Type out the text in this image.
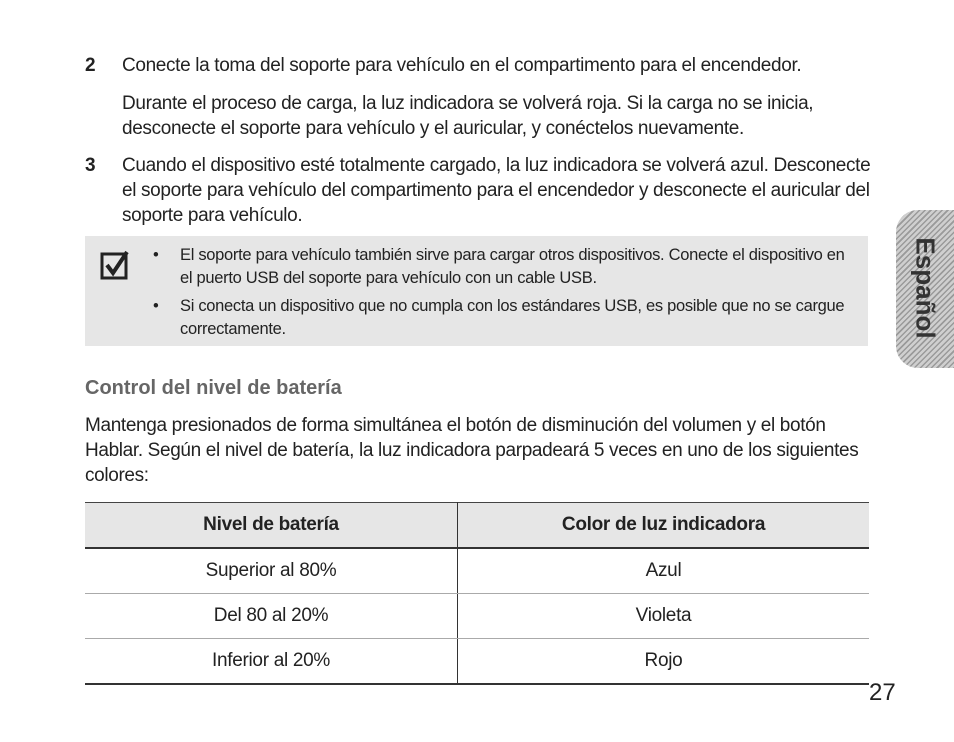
2 Conecte la toma del soporte para vehículo en el compartimento para el encendedor.

Durante el proceso de carga, la luz indicadora se volverá roja. Si la carga no se inicia, desconecte el soporte para vehículo y el auricular, y conéctelos nuevamente.

3 Cuando el dispositivo esté totalmente cargado, la luz indicadora se volverá azul. Desconecte el soporte para vehículo del compartimento para el encendedor y desconecte el auricular del soporte para vehículo.

• El soporte para vehículo también sirve para cargar otros dispositivos. Conecte el dispositivo en el puerto USB del soporte para vehículo con un cable USB.
• Si conecta un dispositivo que no cumpla con los estándares USB, es posible que no se cargue correctamente.
Control del nivel de batería
Mantenga presionados de forma simultánea el botón de disminución del volumen y el botón Hablar. Según el nivel de batería, la luz indicadora parpadeará 5 veces en uno de los siguientes colores:
Nivel de batería	Color de luz indicadora
Superior al 80%	Azul
Del 80 al 20%	Violeta
Inferior al 20%	Rojo
Español
27
